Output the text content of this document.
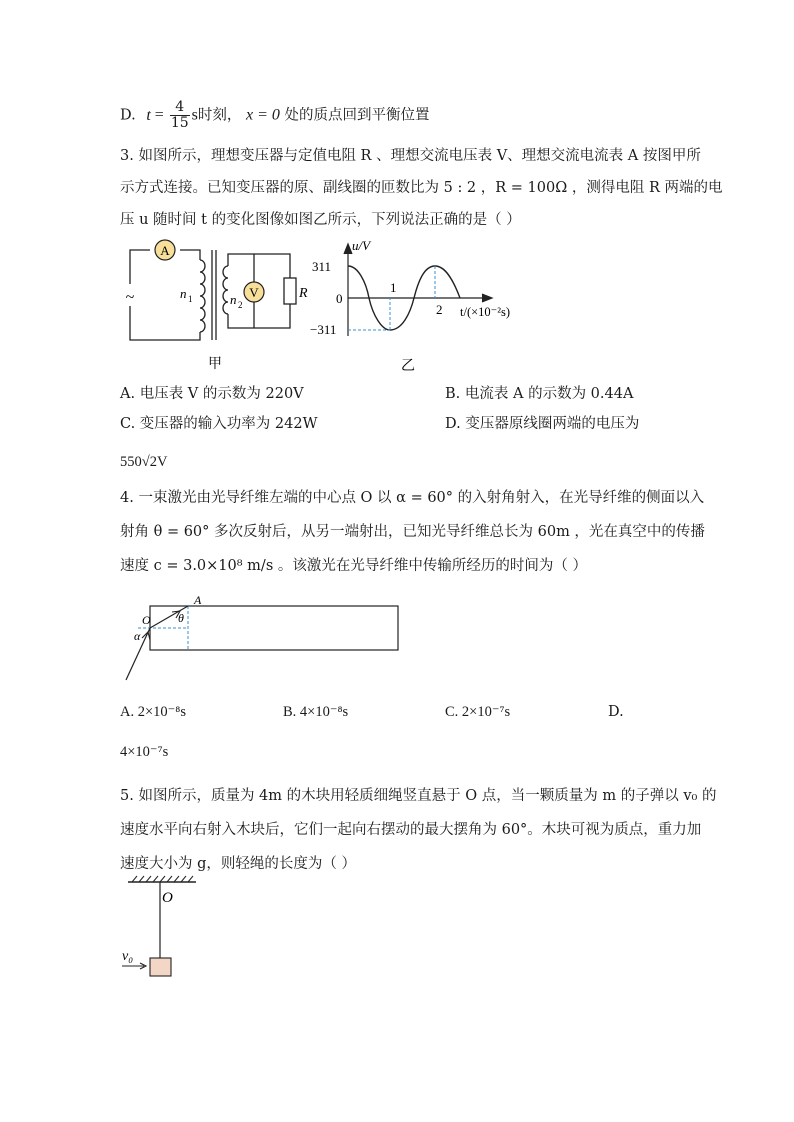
D. $t = \frac{4}{15}$ s时刻， x = 0 处的质点回到平衡位置
3. 如图所示，理想变压器与定值电阻 R 、理想交流电压表 V、理想交流电流表 A 按图甲所
示方式连接。已知变压器的原、副线圈的匝数比为 5 : 2 ，R = 100Ω ，测得电阻 R 两端的电
压 u 随时间 t 的变化图像如图乙所示，下列说法正确的是（ ）
A
V
~	n 1	n 2
R
甲
u/V
311
0
−311
1
2 t/(×10⁻²s)
乙
A. 电压表 V 的示数为 220V	B. 电流表 A 的示数为 0.44A
C. 变压器的输入功率为 242W	D. 变压器原线圈两端的电压为
550√2V
4. 一束激光由光导纤维左端的中心点 O 以 α = 60° 的入射角射入，在光导纤维的侧面以入
射角 θ = 60° 多次反射后，从另一端射出，已知光导纤维总长为 60m ，光在真空中的传播
速度 c = 3.0×10⁸ m/s 。该激光在光导纤维中传输所经历的时间为（ ）
O
A
α
θ
A. 2×10⁻⁸s	B. 4×10⁻⁸s	C. 2×10⁻⁷s	D.
4×10⁻⁷s
5. 如图所示，质量为 4m 的木块用轻质细绳竖直悬于 O 点，当一颗质量为 m 的子弹以 v₀ 的
速度水平向右射入木块后，它们一起向右摆动的最大摆角为 60°。木块可视为质点，重力加
速度大小为 g，则轻绳的长度为（ ）
O
v₀
